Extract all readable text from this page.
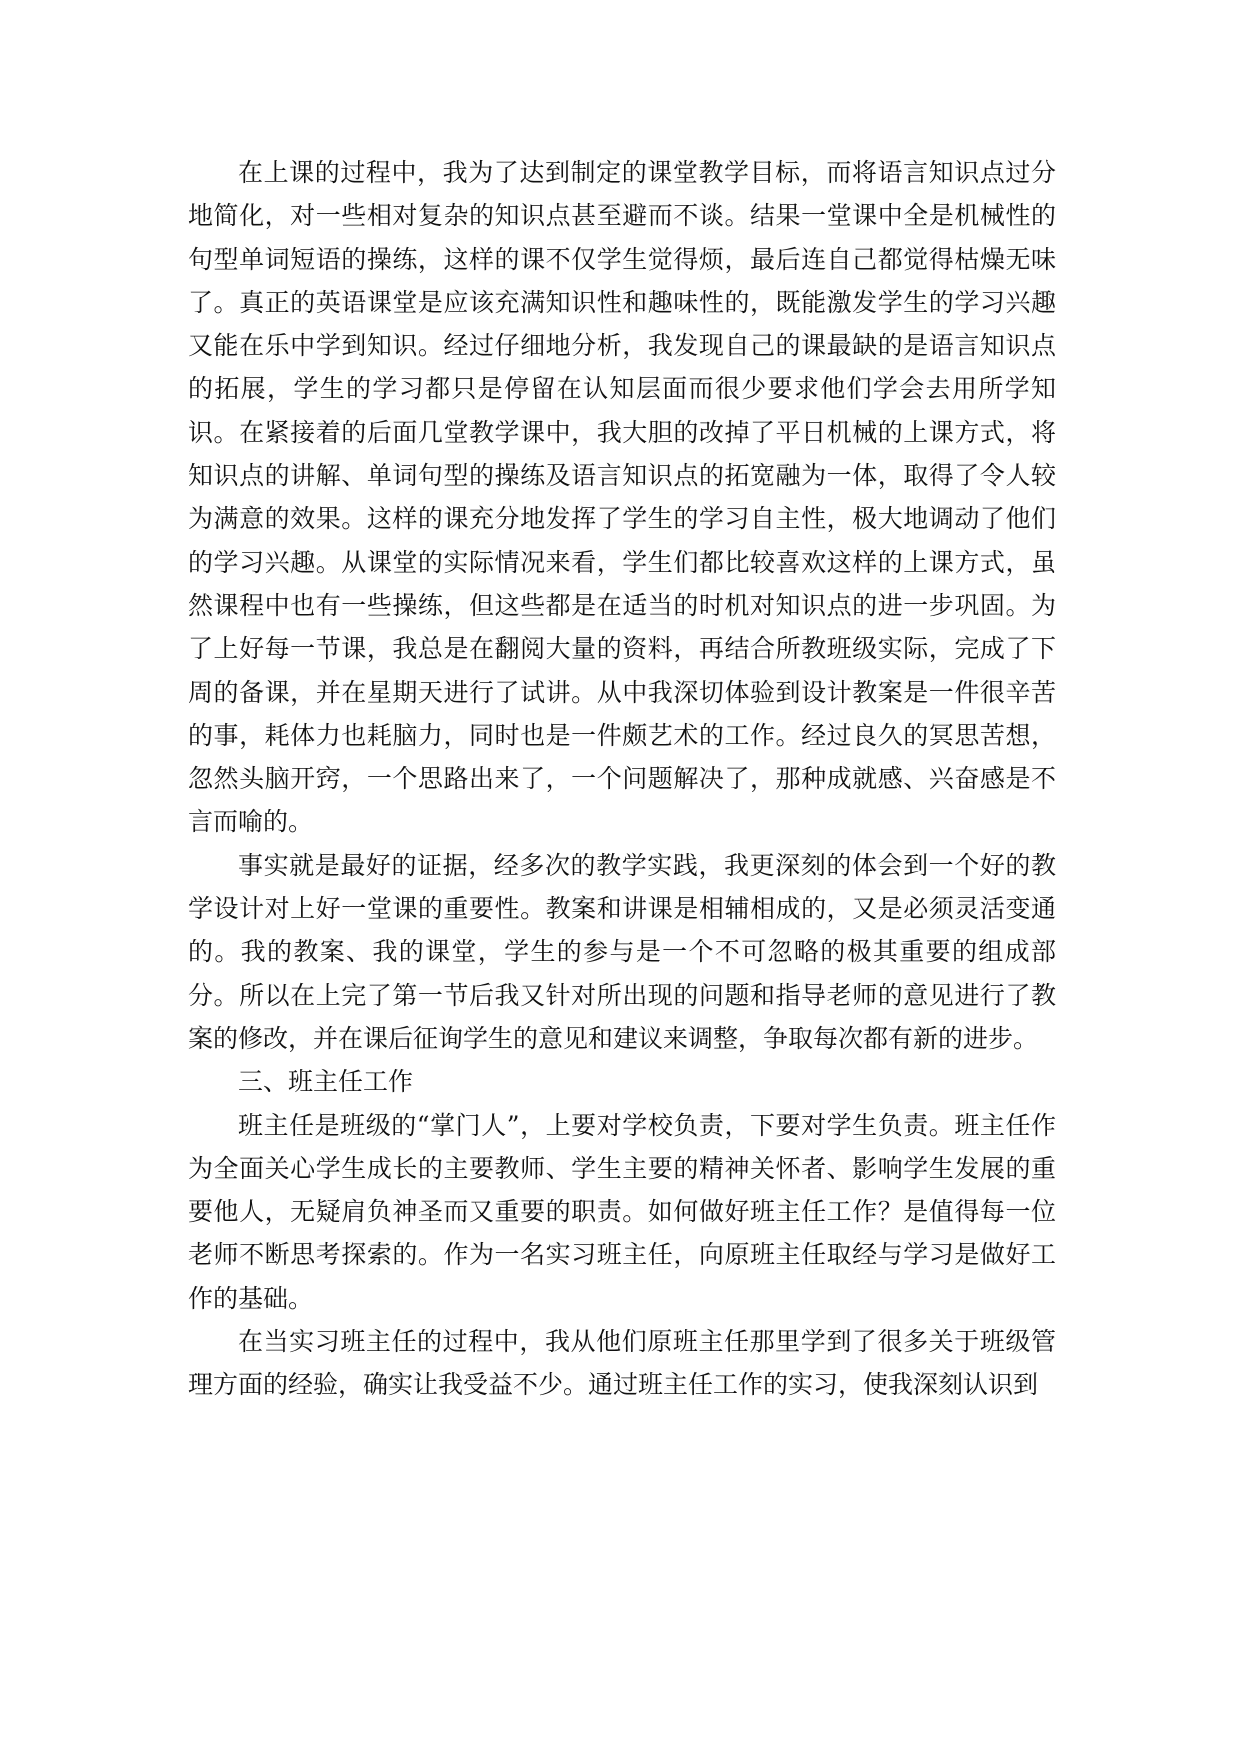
在上课的过程中，我为了达到制定的课堂教学目标，而将语言知识点过分地简化，对一些相对复杂的知识点甚至避而不谈。结果一堂课中全是机械性的句型单词短语的操练，这样的课不仅学生觉得烦，最后连自己都觉得枯燥无味了。真正的英语课堂是应该充满知识性和趣味性的，既能激发学生的学习兴趣又能在乐中学到知识。经过仔细地分析，我发现自己的课最缺的是语言知识点的拓展，学生的学习都只是停留在认知层面而很少要求他们学会去用所学知识。在紧接着的后面几堂教学课中，我大胆的改掉了平日机械的上课方式，将知识点的讲解、单词句型的操练及语言知识点的拓宽融为一体，取得了令人较为满意的效果。这样的课充分地发挥了学生的学习自主性，极大地调动了他们的学习兴趣。从课堂的实际情况来看，学生们都比较喜欢这样的上课方式，虽然课程中也有一些操练，但这些都是在适当的时机对知识点的进一步巩固。为了上好每一节课，我总是在翻阅大量的资料，再结合所教班级实际，完成了下周的备课，并在星期天进行了试讲。从中我深切体验到设计教案是一件很辛苦的事，耗体力也耗脑力，同时也是一件颇艺术的工作。经过良久的冥思苦想，忽然头脑开窍，一个思路出来了，一个问题解决了，那种成就感、兴奋感是不言而喻的。

事实就是最好的证据，经多次的教学实践，我更深刻的体会到一个好的教学设计对上好一堂课的重要性。教案和讲课是相辅相成的，又是必须灵活变通的。我的教案、我的课堂，学生的参与是一个不可忽略的极其重要的组成部分。所以在上完了第一节后我又针对所出现的问题和指导老师的意见进行了教案的修改，并在课后征询学生的意见和建议来调整，争取每次都有新的进步。

三、班主任工作

班主任是班级的“掌门人”，上要对学校负责，下要对学生负责。班主任作为全面关心学生成长的主要教师、学生主要的精神关怀者、影响学生发展的重要他人，无疑肩负神圣而又重要的职责。如何做好班主任工作？是值得每一位老师不断思考探索的。作为一名实习班主任，向原班主任取经与学习是做好工作的基础。

在当实习班主任的过程中，我从他们原班主任那里学到了很多关于班级管理方面的经验，确实让我受益不少。通过班主任工作的实习，使我深刻认识到
